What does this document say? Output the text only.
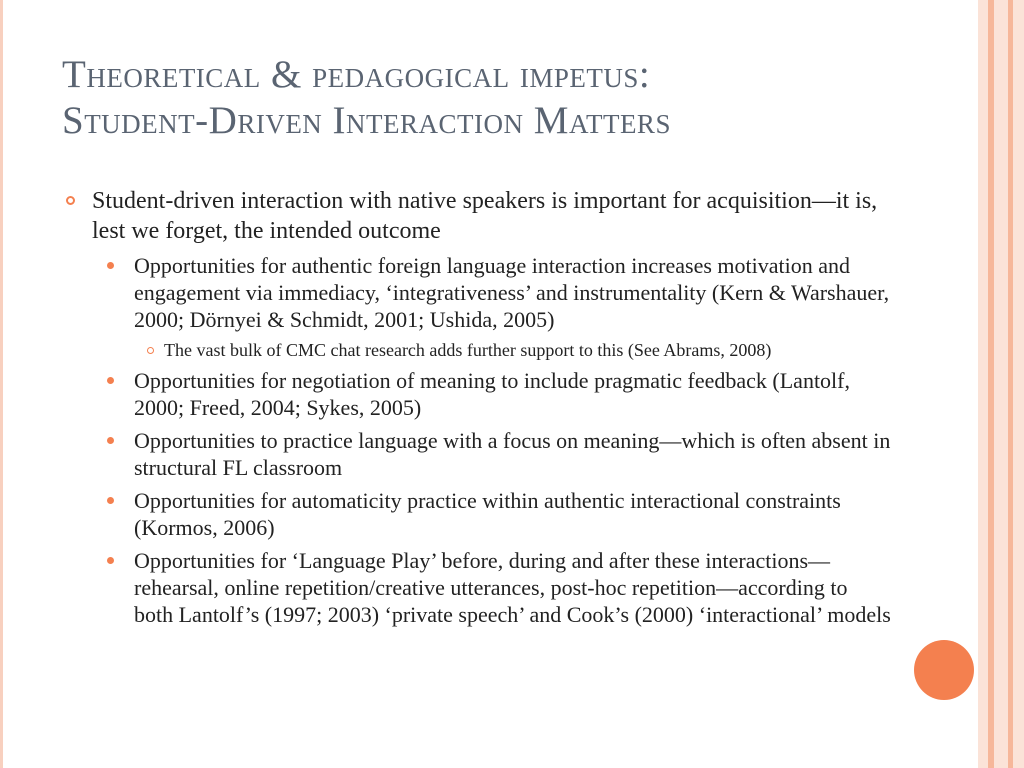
Theoretical & pedagogical impetus:
Student-Driven Interaction Matters
Student-driven interaction with native speakers is important for acquisition—it is, lest we forget, the intended outcome
Opportunities for authentic foreign language interaction increases motivation and engagement via immediacy, ‘integrativeness’ and instrumentality (Kern & Warshauer, 2000; Dörnyei & Schmidt, 2001; Ushida, 2005)
The vast bulk of CMC chat research adds further support to this (See Abrams, 2008)
Opportunities for negotiation of meaning to include pragmatic feedback (Lantolf, 2000; Freed, 2004; Sykes, 2005)
Opportunities to practice language with a focus on meaning—which is often absent in structural FL classroom
Opportunities for automaticity practice within authentic interactional constraints (Kormos, 2006)
Opportunities for ‘Language Play’ before, during and after these interactions—rehearsal, online repetition/creative utterances, post-hoc repetition—according to both Lantolf’s (1997; 2003) ‘private speech’ and Cook’s (2000) ‘interactional’ models
